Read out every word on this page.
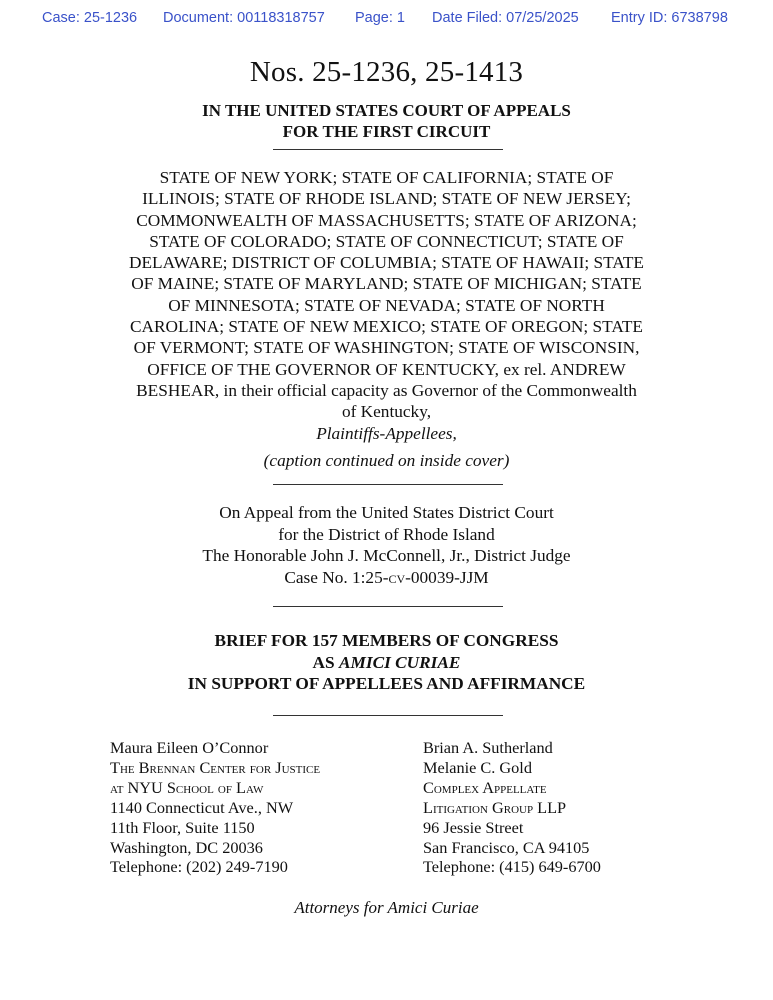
Case: 25-1236 Document: 00118318757 Page: 1 Date Filed: 07/25/2025 Entry ID: 6738798
Nos. 25-1236, 25-1413
IN THE UNITED STATES COURT OF APPEALS
FOR THE FIRST CIRCUIT
STATE OF NEW YORK; STATE OF CALIFORNIA; STATE OF
ILLINOIS; STATE OF RHODE ISLAND; STATE OF NEW JERSEY;
COMMONWEALTH OF MASSACHUSETTS; STATE OF ARIZONA;
STATE OF COLORADO; STATE OF CONNECTICUT; STATE OF
DELAWARE; DISTRICT OF COLUMBIA; STATE OF HAWAII; STATE
OF MAINE; STATE OF MARYLAND; STATE OF MICHIGAN; STATE
OF MINNESOTA; STATE OF NEVADA; STATE OF NORTH
CAROLINA; STATE OF NEW MEXICO; STATE OF OREGON; STATE
OF VERMONT; STATE OF WASHINGTON; STATE OF WISCONSIN,
OFFICE OF THE GOVERNOR OF KENTUCKY, ex rel. ANDREW
BESHEAR, in their official capacity as Governor of the Commonwealth
of Kentucky,
Plaintiffs-Appellees,
(caption continued on inside cover)
On Appeal from the United States District Court
for the District of Rhode Island
The Honorable John J. McConnell, Jr., District Judge
Case No. 1:25-cv-00039-JJM
BRIEF FOR 157 MEMBERS OF CONGRESS
AS AMICI CURIAE
IN SUPPORT OF APPELLEES AND AFFIRMANCE
Maura Eileen O’Connor
The Brennan Center for Justice
at NYU School of Law
1140 Connecticut Ave., NW
11th Floor, Suite 1150
Washington, DC 20036
Telephone: (202) 249-7190
Brian A. Sutherland
Melanie C. Gold
Complex Appellate
Litigation Group LLP
96 Jessie Street
San Francisco, CA 94105
Telephone: (415) 649-6700
Attorneys for Amici Curiae
